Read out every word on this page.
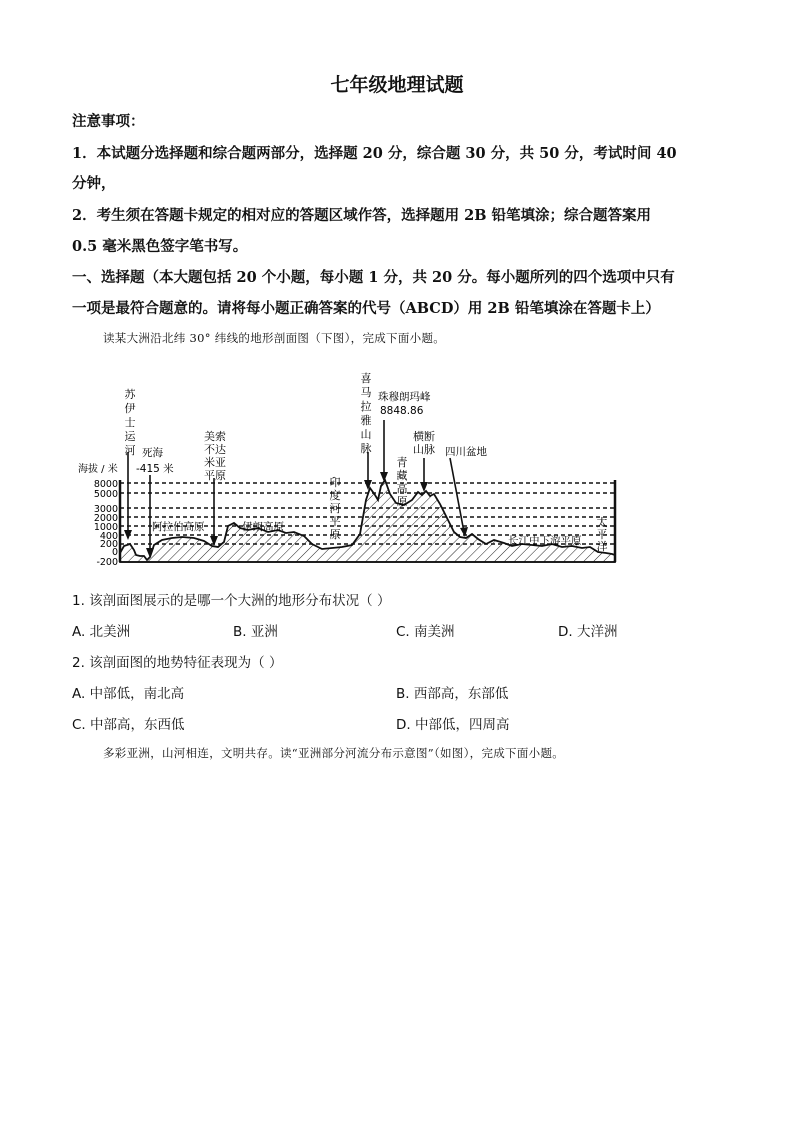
七年级地理试题
注意事项：
1．本试题分选择题和综合题两部分，选择题 20 分，综合题 30 分，共 50 分，考试时间 40
分钟，
2．考生须在答题卡规定的相对应的答题区域作答，选择题用 2B 铅笔填涂；综合题答案用
0.5 毫米黑色签字笔书写。
一、选择题（本大题包括 20 个小题，每小题 1 分，共 20 分。每小题所列的四个选项中只有
一项是最符合题意的。请将每小题正确答案的代号（ABCD）用 2B 铅笔填涂在答题卡上）
读某大洲沿北纬 30° 纬线的地形剖面图（下图），完成下面小题。
海拔 / 米
8000
5000
3000
2000
1000
400
200
0
-200
苏
伊
士
运
河
喜
马
拉
雅
山
脉
印
度
河
平
原
青
藏
高
原
太
平
洋
美索
不达
米亚
平原
横断
山脉
死海
-415 米
阿拉伯高原	伊朗高原
珠穆朗玛峰
8848.86
四川盆地
长江中下游平原
1. 该剖面图展示的是哪一个大洲的地形分布状况（ ）
A. 北美洲	B. 亚洲	C. 南美洲	D. 大洋洲
2. 该剖面图的地势特征表现为（ ）
A. 中部低，南北高	B. 西部高，东部低
C. 中部高，东西低	D. 中部低，四周高
多彩亚洲，山河相连，文明共存。读“亚洲部分河流分布示意图”（如图），完成下面小题。
